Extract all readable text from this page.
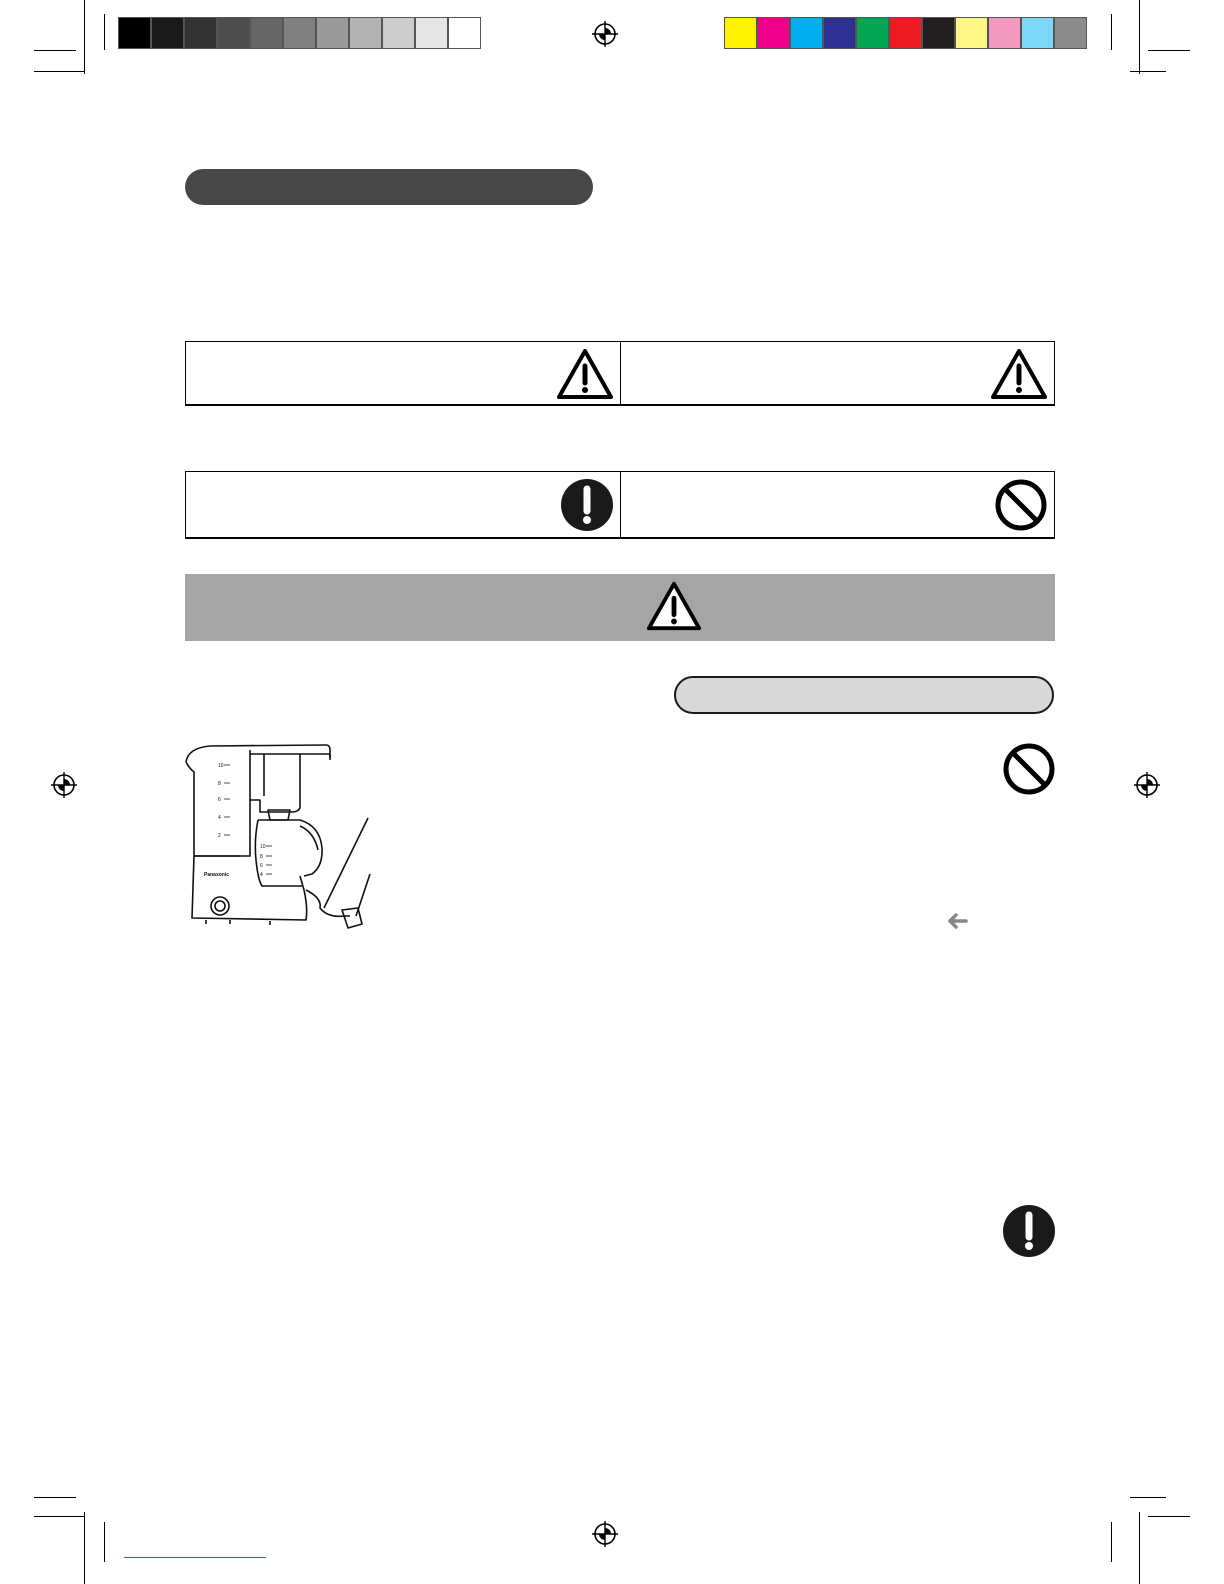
10
8
6
4
2
10
8
6
4
Panasonic
